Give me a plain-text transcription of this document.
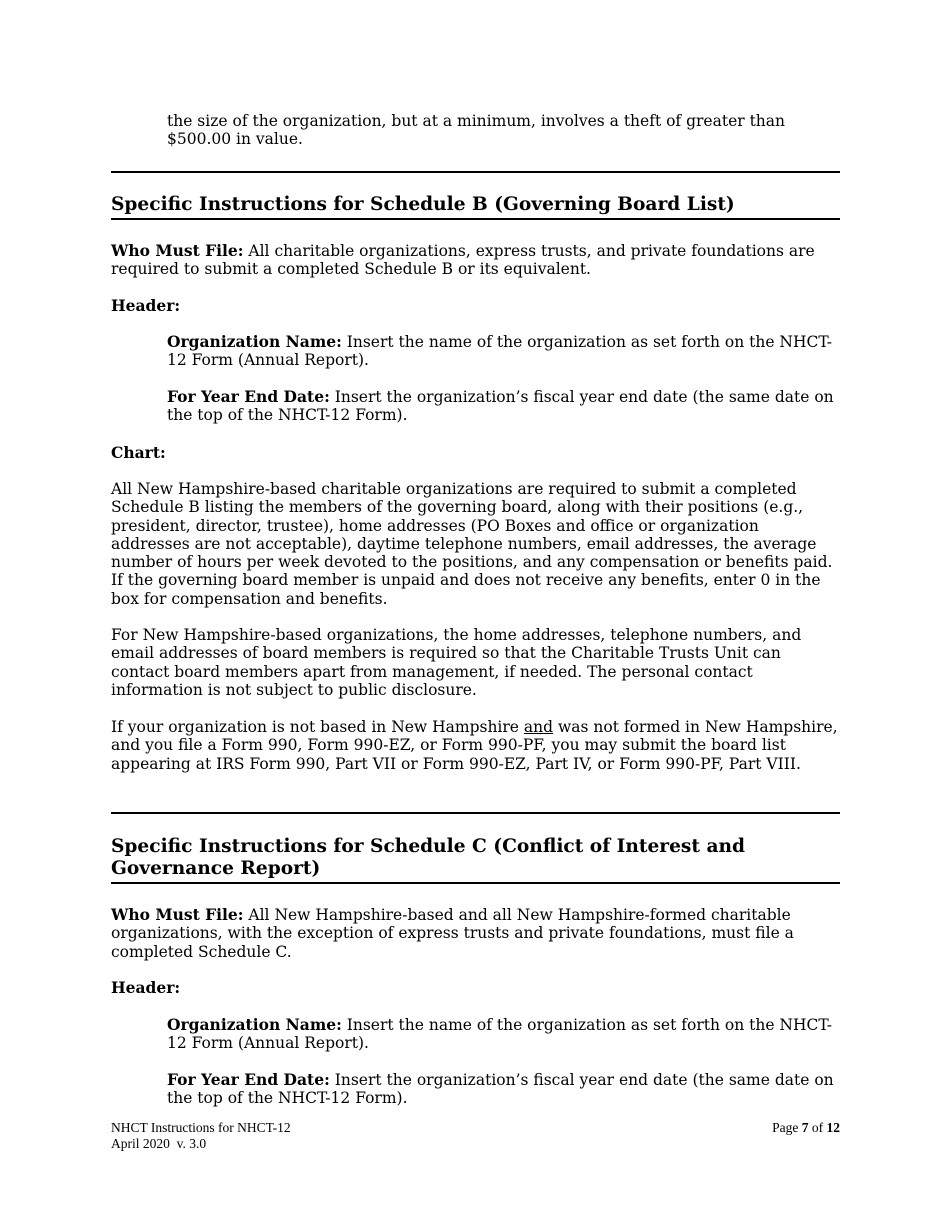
the size of the organization, but at a minimum, involves a theft of greater than $500.00 in value.

Specific Instructions for Schedule B (Governing Board List)

Who Must File: All charitable organizations, express trusts, and private foundations are required to submit a completed Schedule B or its equivalent.

Header:

Organization Name: Insert the name of the organization as set forth on the NHCT-12 Form (Annual Report).

For Year End Date: Insert the organization’s fiscal year end date (the same date on the top of the NHCT-12 Form).

Chart:

All New Hampshire-based charitable organizations are required to submit a completed Schedule B listing the members of the governing board, along with their positions (e.g., president, director, trustee), home addresses (PO Boxes and office or organization addresses are not acceptable), daytime telephone numbers, email addresses, the average number of hours per week devoted to the positions, and any compensation or benefits paid. If the governing board member is unpaid and does not receive any benefits, enter 0 in the box for compensation and benefits.

For New Hampshire-based organizations, the home addresses, telephone numbers, and email addresses of board members is required so that the Charitable Trusts Unit can contact board members apart from management, if needed. The personal contact information is not subject to public disclosure.

If your organization is not based in New Hampshire and was not formed in New Hampshire, and you file a Form 990, Form 990-EZ, or Form 990-PF, you may submit the board list appearing at IRS Form 990, Part VII or Form 990-EZ, Part IV, or Form 990-PF, Part VIII.

Specific Instructions for Schedule C (Conflict of Interest and Governance Report)

Who Must File: All New Hampshire-based and all New Hampshire-formed charitable organizations, with the exception of express trusts and private foundations, must file a completed Schedule C.

Header:

Organization Name: Insert the name of the organization as set forth on the NHCT-12 Form (Annual Report).

For Year End Date: Insert the organization’s fiscal year end date (the same date on the top of the NHCT-12 Form).

NHCT Instructions for NHCT-12
April 2020  v. 3.0
Page 7 of 12
